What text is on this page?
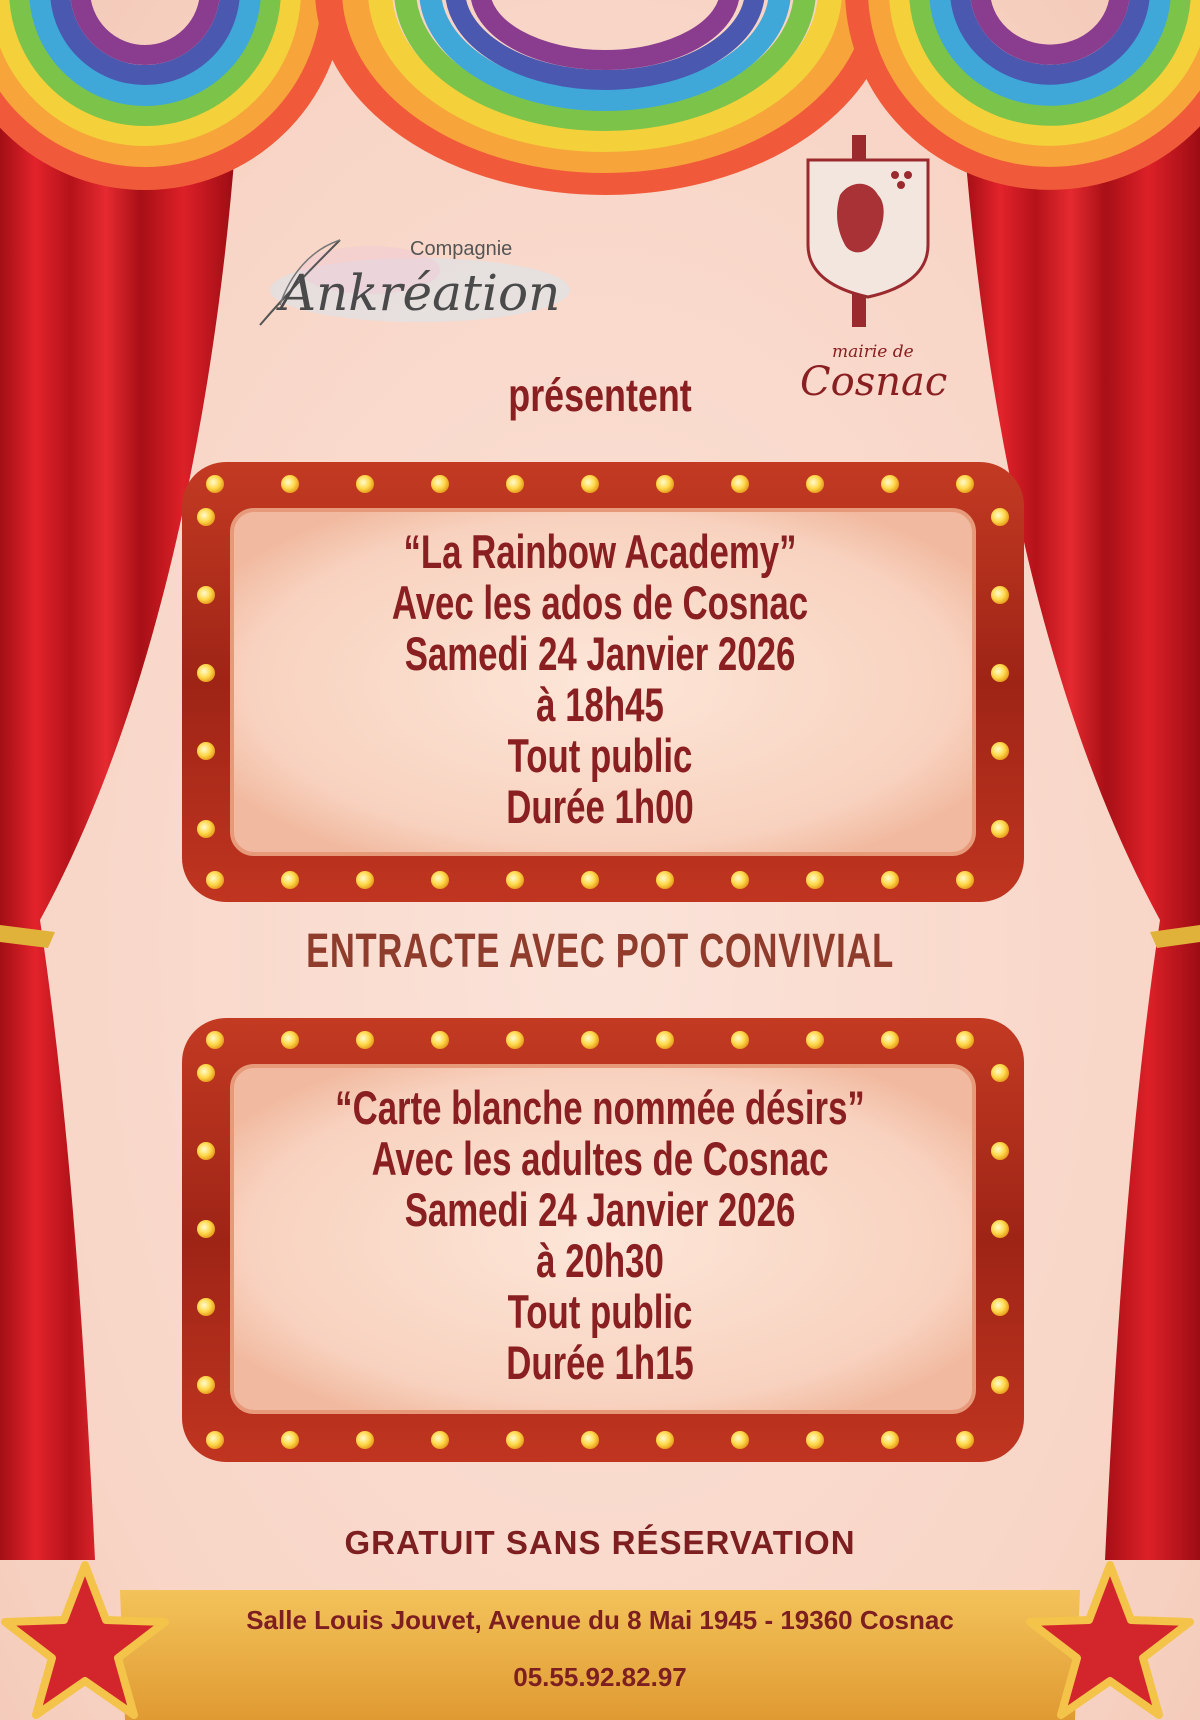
Compagnie
Ankréation
mairie de
Cosnac
présentent
“La Rainbow Academy”
Avec les ados de Cosnac
Samedi 24 Janvier 2026
à 18h45
Tout public
Durée 1h00
ENTRACTE AVEC POT CONVIVIAL
“Carte blanche nommée désirs”
Avec les adultes de Cosnac
Samedi 24 Janvier 2026
à 20h30
Tout public
Durée 1h15
GRATUIT SANS RÉSERVATION
Salle Louis Jouvet, Avenue du 8 Mai 1945 - 19360 Cosnac
05.55.92.82.97
